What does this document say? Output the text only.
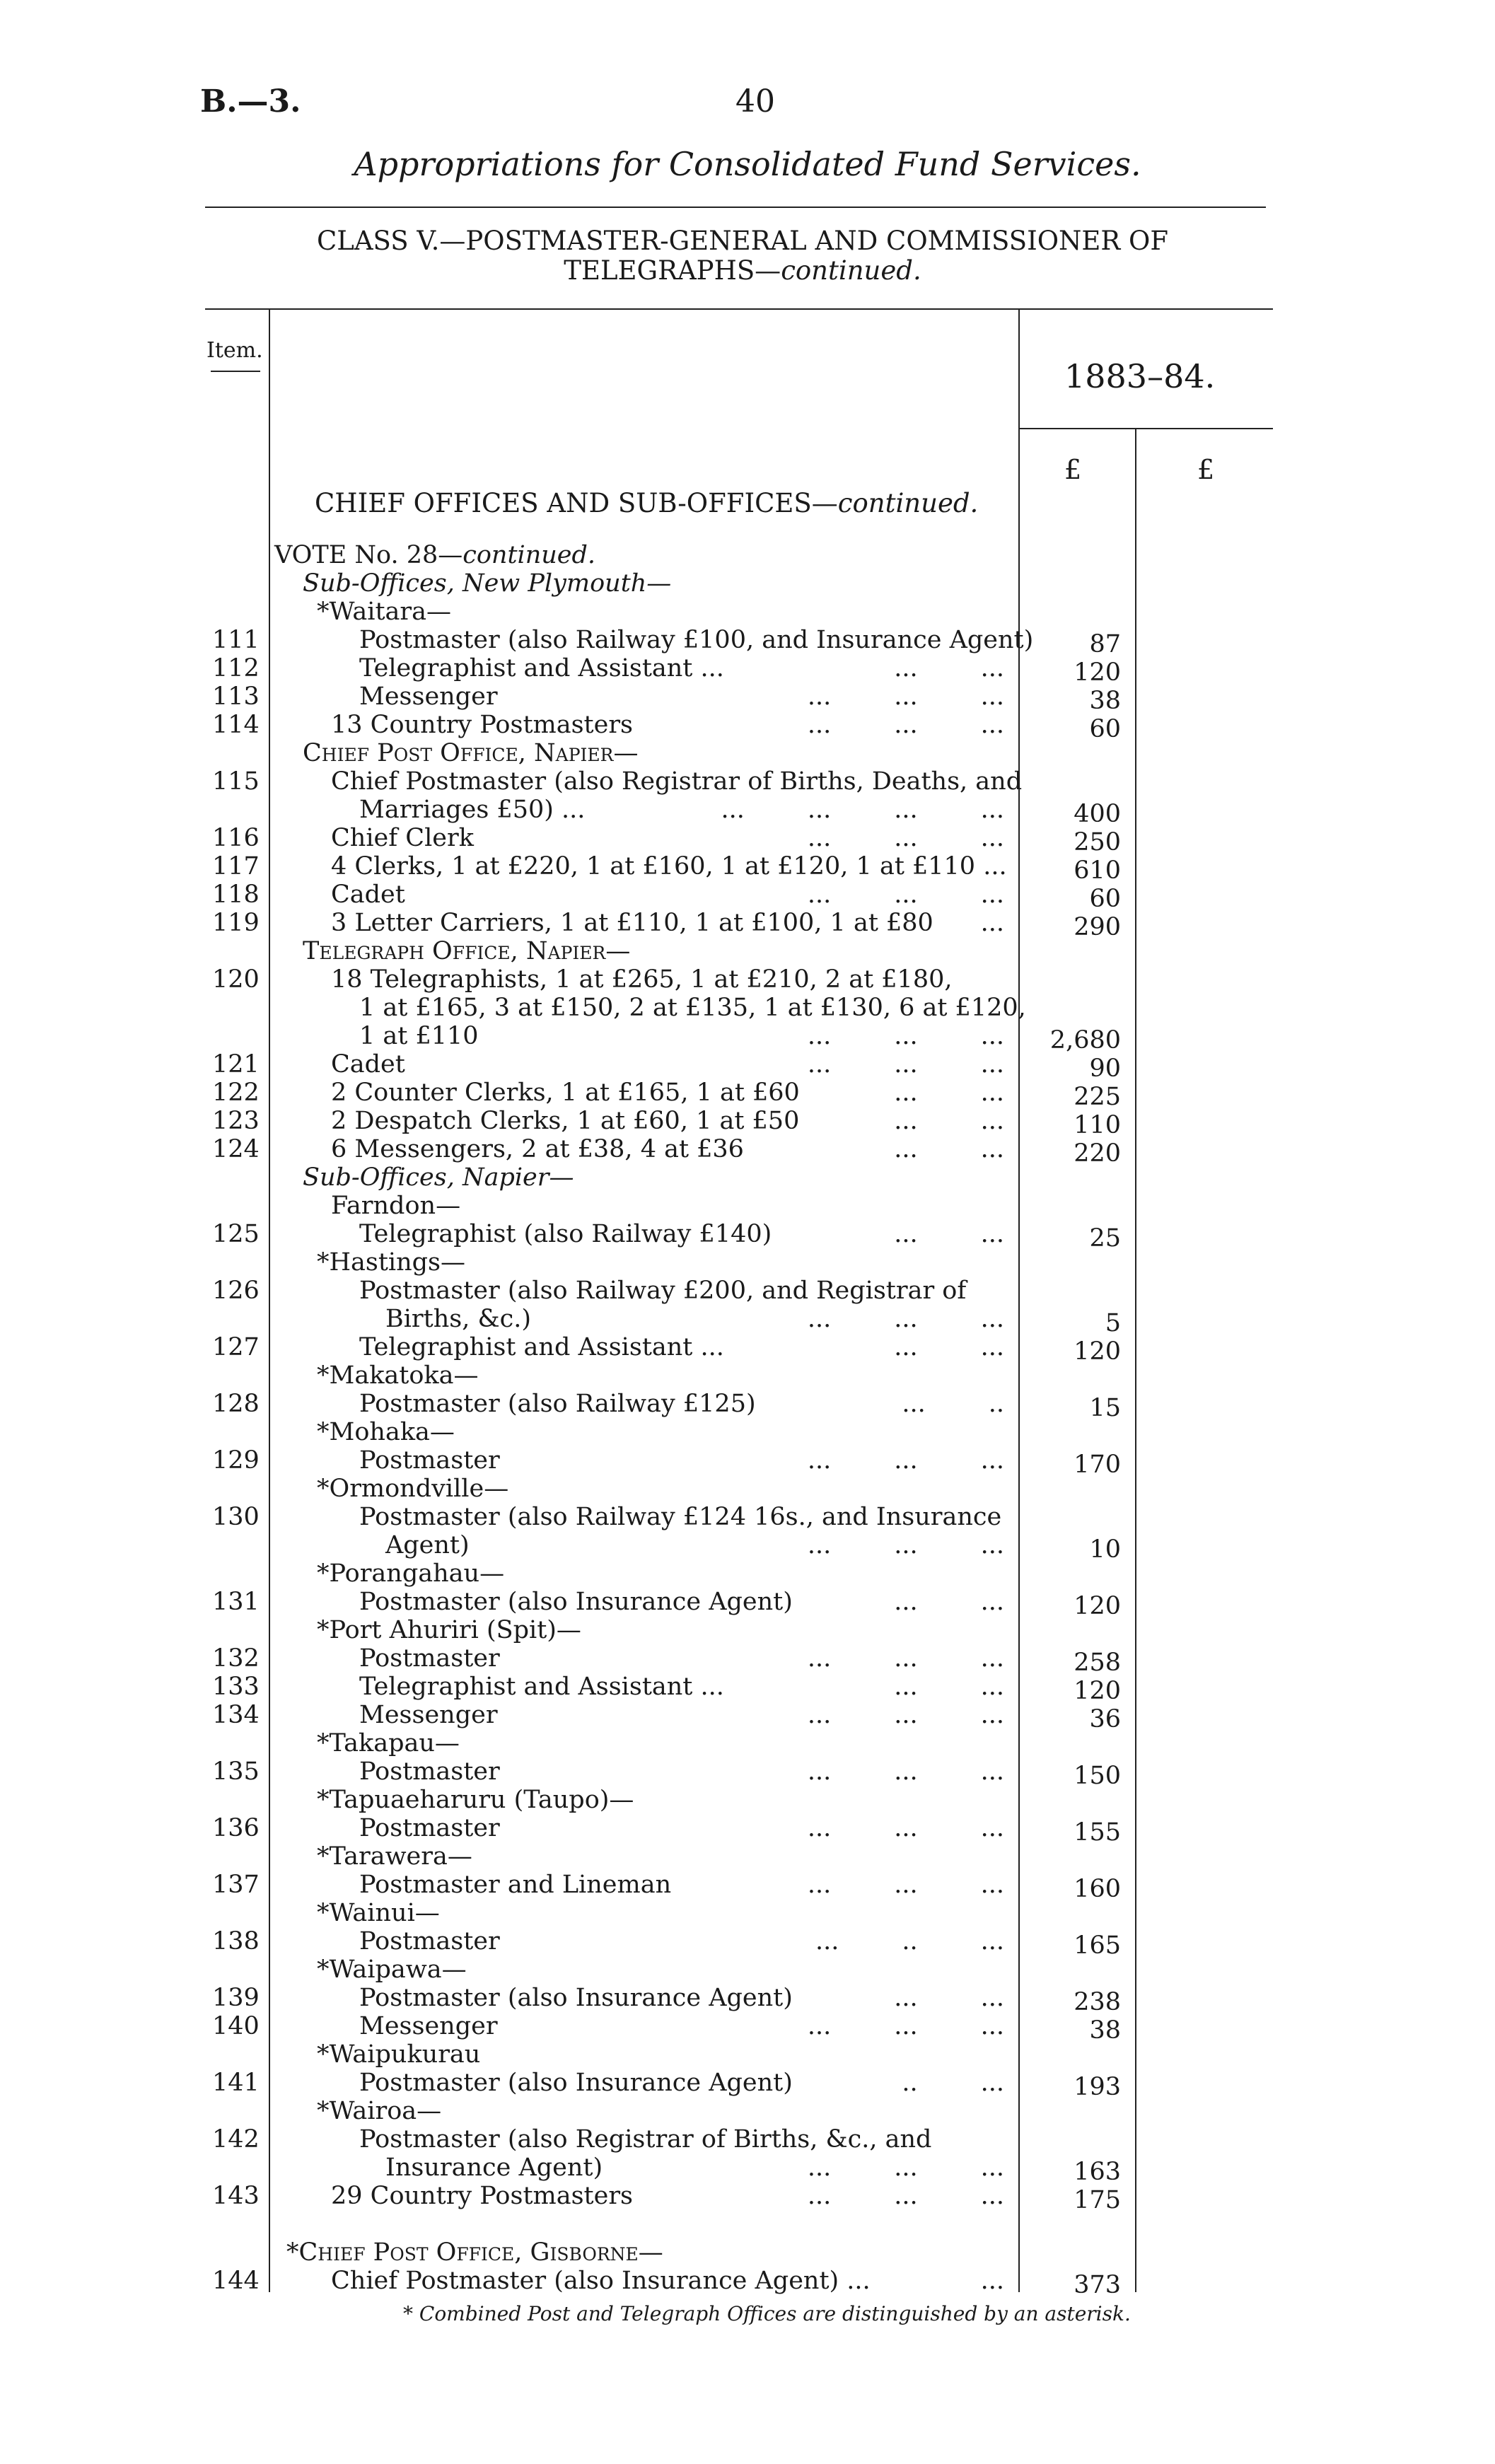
B.—3.	40
Appropriations for Consolidated Fund Services.
CLASS V.—POSTMASTER-GENERAL AND COMMISSIONER OF
TELEGRAPHS—continued.
Item.
1883–84.
£	£
CHIEF OFFICES AND SUB-OFFICES—continued.
VOTE No. 28—continued.
Sub-Offices, New Plymouth—
*Waitara—
111	Postmaster (also Railway £100, and Insurance Agent)	87
112	Telegraphist and Assistant ...	...        ...	120
113	Messenger	...        ...        ...	38
114	13 Country Postmasters	...        ...        ...	60
Chief Post Office, Napier—
115	Chief Postmaster (also Registrar of Births, Deaths, and
Marriages £50) ...	...        ...        ...        ...	400
116	Chief Clerk	...        ...        ...	250
117	4 Clerks, 1 at £220, 1 at £160, 1 at £120, 1 at £110 ...	610
118	Cadet	...        ...        ...	60
119	3 Letter Carriers, 1 at £110, 1 at £100, 1 at £80	...	290
Telegraph Office, Napier—
120	18 Telegraphists, 1 at £265, 1 at £210, 2 at £180,
1 at £165, 3 at £150, 2 at £135, 1 at £130, 6 at £120,
1 at £110	...        ...        ...	2,680
121	Cadet	...        ...        ...	90
122	2 Counter Clerks, 1 at £165, 1 at £60	...        ...	225
123	2 Despatch Clerks, 1 at £60, 1 at £50	...        ...	110
124	6 Messengers, 2 at £38, 4 at £36	...        ...	220
Sub-Offices, Napier—
Farndon—
125	Telegraphist (also Railway £140)	...        ...	25
*Hastings—
126	Postmaster (also Railway £200, and Registrar of
Births, &c.)	...        ...        ...	5
127	Telegraphist and Assistant ...	...        ...	120
*Makatoka—
128	Postmaster (also Railway £125)	...        ..	15
*Mohaka—
129	Postmaster	...        ...        ...	170
*Ormondville—
130	Postmaster (also Railway £124 16s., and Insurance
Agent)	...        ...        ...	10
*Porangahau—
131	Postmaster (also Insurance Agent)	...        ...	120
*Port Ahuriri (Spit)—
132	Postmaster	...        ...        ...	258
133	Telegraphist and Assistant ...	...        ...	120
134	Messenger	...        ...        ...	36
*Takapau—
135	Postmaster	...        ...        ...	150
*Tapuaeharuru (Taupo)—
136	Postmaster	...        ...        ...	155
*Tarawera—
137	Postmaster and Lineman	...        ...        ...	160
*Wainui—
138	Postmaster	...        ..        ...	165
*Waipawa—
139	Postmaster (also Insurance Agent)	...        ...	238
140	Messenger	...        ...        ...	38
*Waipukurau
141	Postmaster (also Insurance Agent)	..        ...	193
*Wairoa—
142	Postmaster (also Registrar of Births, &c., and
Insurance Agent)	...        ...        ...	163
143	29 Country Postmasters	...        ...        ...	175
*Chief Post Office, Gisborne—
144	Chief Postmaster (also Insurance Agent) ...	...	373
* Combined Post and Telegraph Offices are distinguished by an asterisk.
